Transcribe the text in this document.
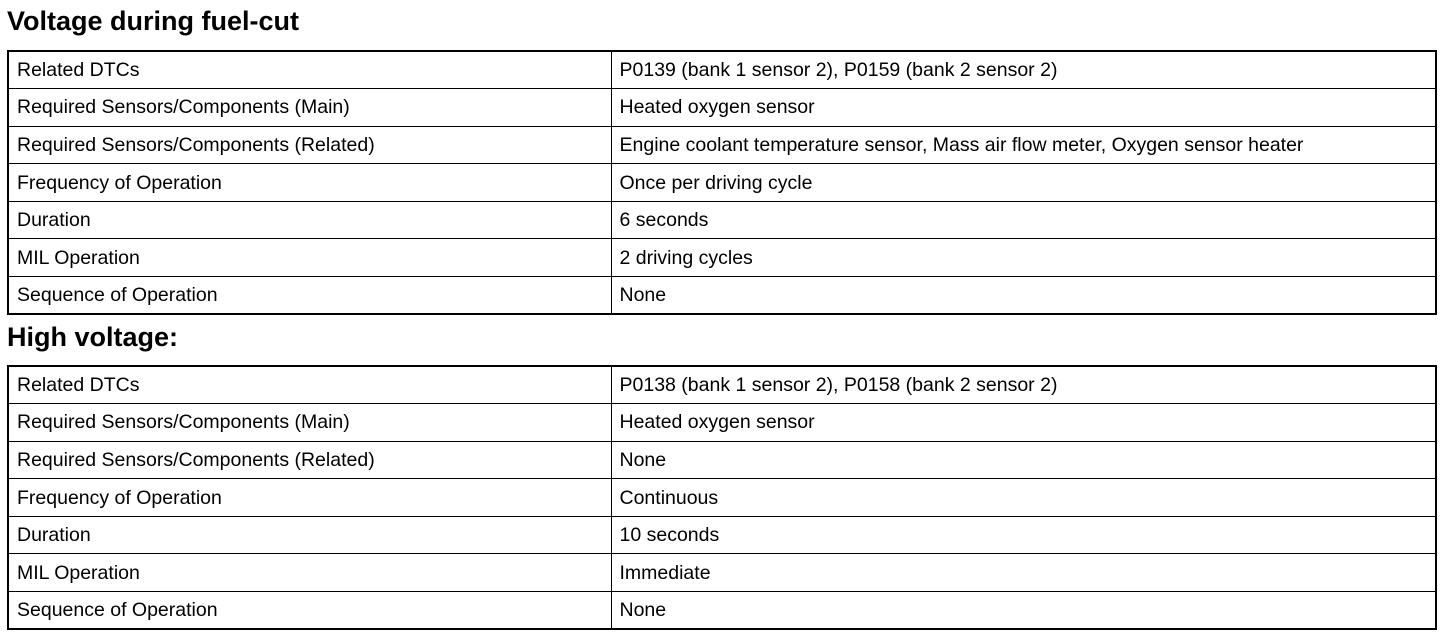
Voltage during fuel-cut
Related DTCs	P0139 (bank 1 sensor 2), P0159 (bank 2 sensor 2)
Required Sensors/Components (Main)	Heated oxygen sensor
Required Sensors/Components (Related)	Engine coolant temperature sensor, Mass air flow meter, Oxygen sensor heater
Frequency of Operation	Once per driving cycle
Duration	6 seconds
MIL Operation	2 driving cycles
Sequence of Operation	None
High voltage:
Related DTCs	P0138 (bank 1 sensor 2), P0158 (bank 2 sensor 2)
Required Sensors/Components (Main)	Heated oxygen sensor
Required Sensors/Components (Related)	None
Frequency of Operation	Continuous
Duration	10 seconds
MIL Operation	Immediate
Sequence of Operation	None
